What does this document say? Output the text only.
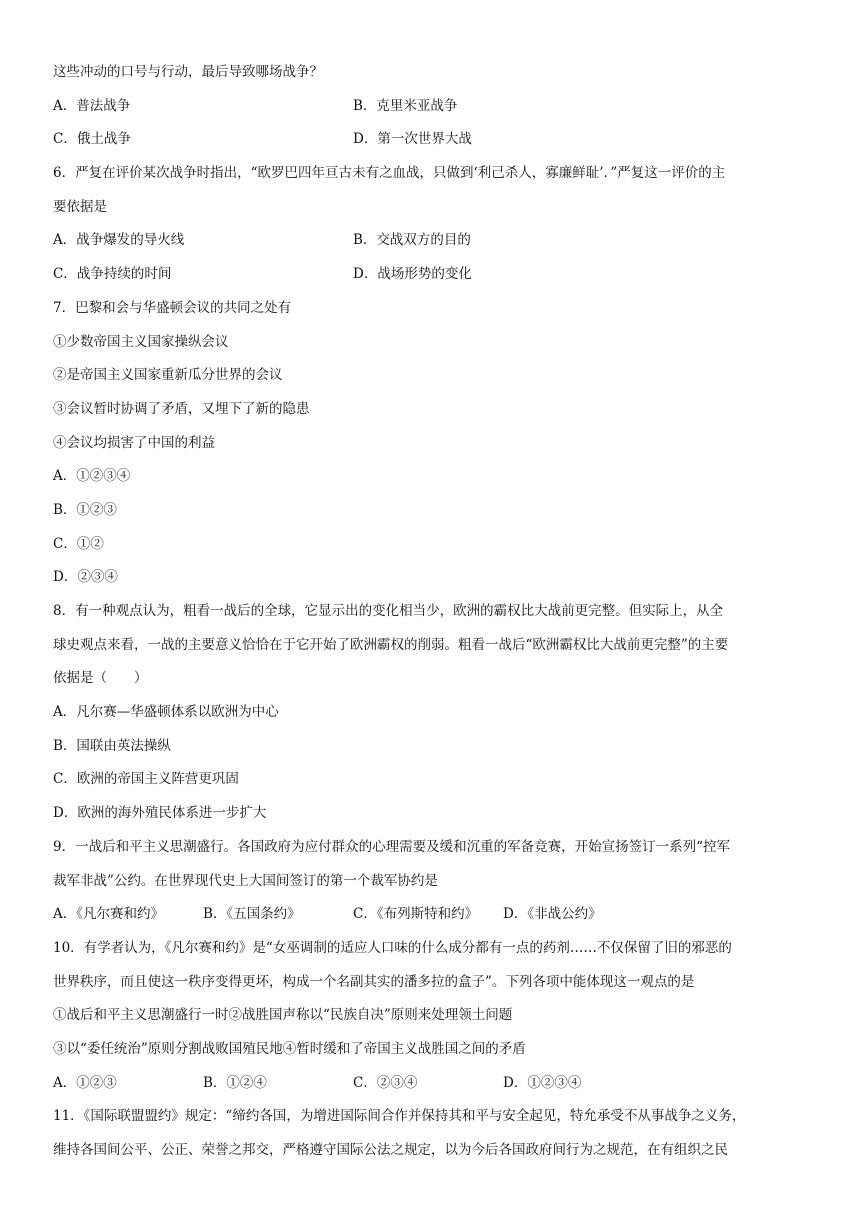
这些冲动的口号与行动，最后导致哪场战争？
A．普法战争	B．克里米亚战争
C．俄土战争	D．第一次世界大战
6．严复在评价某次战争时指出，“欧罗巴四年亘古未有之血战，只做到‘利己杀人，寡廉鲜耻’．”严复这一评价的主
要依据是
A．战争爆发的导火线	B．交战双方的目的
C．战争持续的时间	D．战场形势的变化
7．巴黎和会与华盛顿会议的共同之处有
①少数帝国主义国家操纵会议
②是帝国主义国家重新瓜分世界的会议
③会议暂时协调了矛盾，又埋下了新的隐患
④会议均损害了中国的利益
A．①②③④
B．①②③
C．①②
D．②③④
8．有一种观点认为，粗看一战后的全球，它显示出的变化相当少，欧洲的霸权比大战前更完整。但实际上，从全
球史观点来看，一战的主要意义恰恰在于它开始了欧洲霸权的削弱。粗看一战后“欧洲霸权比大战前更完整”的主要
依据是（　　）
A．凡尔赛—华盛顿体系以欧洲为中心
B．国联由英法操纵
C．欧洲的帝国主义阵营更巩固
D．欧洲的海外殖民体系进一步扩大
9．一战后和平主义思潮盛行。各国政府为应付群众的心理需要及缓和沉重的军备竞赛，开始宣扬签订一系列“控军
裁军非战”公约。在世界现代史上大国间签订的第一个裁军协约是
A．《凡尔赛和约》	B．《五国条约》	C．《布列斯特和约》	D．《非战公约》
10．有学者认为，《凡尔赛和约》是“女巫调制的适应人口味的什么成分都有一点的药剂……不仅保留了旧的邪恶的
世界秩序，而且使这一秩序变得更坏，构成一个名副其实的潘多拉的盒子”。下列各项中能体现这一观点的是
①战后和平主义思潮盛行一时②战胜国声称以“民族自决”原则来处理领土问题
③以“委任统治”原则分割战败国殖民地④暂时缓和了帝国主义战胜国之间的矛盾
A．①②③	B．①②④	C．②③④	D．①②③④
11．《国际联盟盟约》规定：“缔约各国，为增进国际间合作并保持其和平与安全起见，特允承受不从事战争之义务，
维持各国间公平、公正、荣誉之邦交，严格遵守国际公法之规定，以为今后各国政府间行为之规范，在有组织之民
